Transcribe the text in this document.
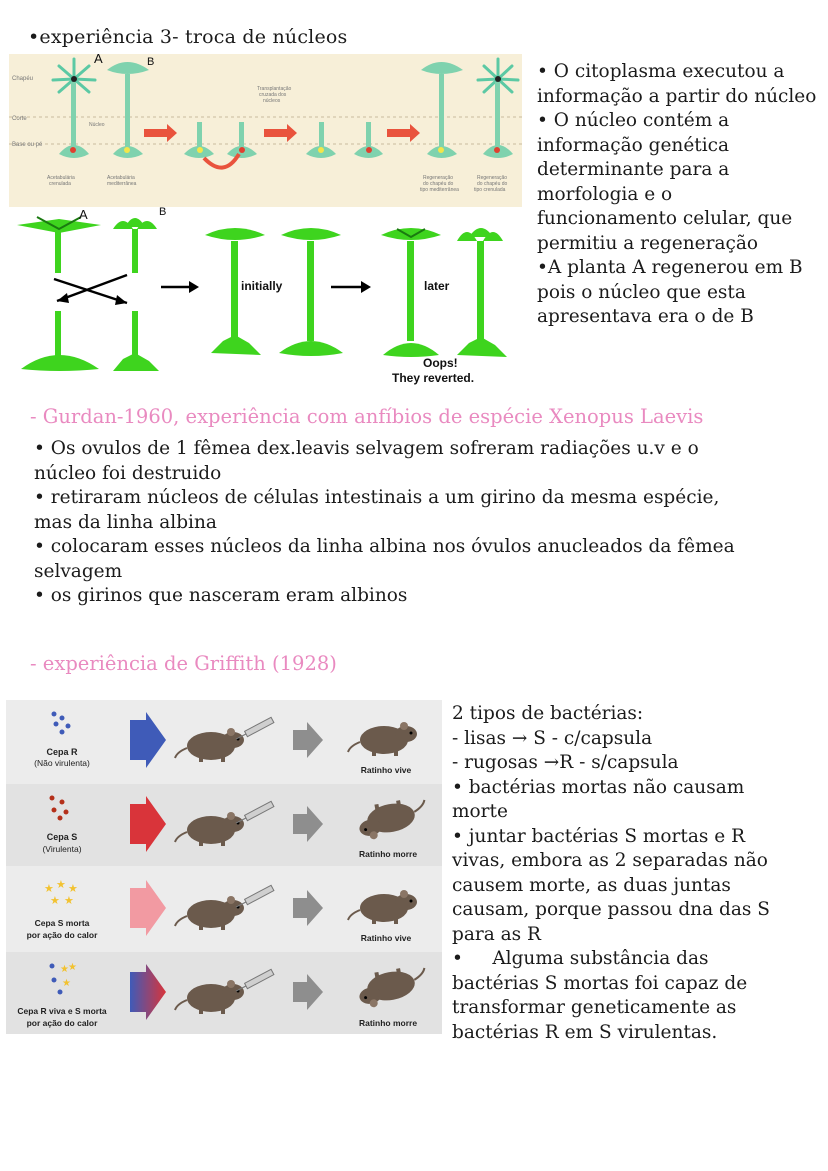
•experiência 3- troca de núcleos
Chapéu
Corte
Base ou pé
A	B
Núcleo
Transplantação
cruzada dos
núcleos
Acetabulária
crenulada
Acetabulária
mediterrânea
Regeneração
do chapéu do
tipo mediterrânea
Regeneração
do chapéu do
tipo crenulada
A	B
initially	later
Oops!
They reverted.
• O citoplasma executou a informação a partir do núcleo
• O núcleo contém a informação genética determinante para a morfologia e o funcionamento celular, que permitiu a regeneração
•A planta A regenerou em B pois o núcleo que esta apresentava era o de B
- Gurdan-1960, experiência com anfíbios de espécie Xenopus Laevis
• Os ovulos de 1 fêmea dex.leavis selvagem sofreram radiações u.v e o
núcleo foi destruido
• retiraram núcleos de células intestinais a um girino da mesma espécie,
mas da linha albina
• colocaram esses núcleos da linha albina nos óvulos anucleados da fêmea
selvagem
• os girinos que nasceram eram albinos
- experiência de Griffith (1928)
Cepa R
(Não virulenta)
Ratinho vive
Cepa S
(Virulenta)	Ratinho morre
★ ★ ★
★ ★
Cepa S morta
por ação do calor	Ratinho vive
★ ★
★
Cepa R viva e S morta
por ação do calor	Ratinho morre
2 tipos de bactérias:
- lisas → S - c/capsula
- rugosas →R - s/capsula
• bactérias mortas não causam
morte
• juntar bactérias S mortas e R
vivas, embora as 2 separadas não
causem morte, as duas juntas
causam, porque passou dna das S
para as R
•     Alguma substância das
bactérias S mortas foi capaz de
transformar geneticamente as
bactérias R em S virulentas.
